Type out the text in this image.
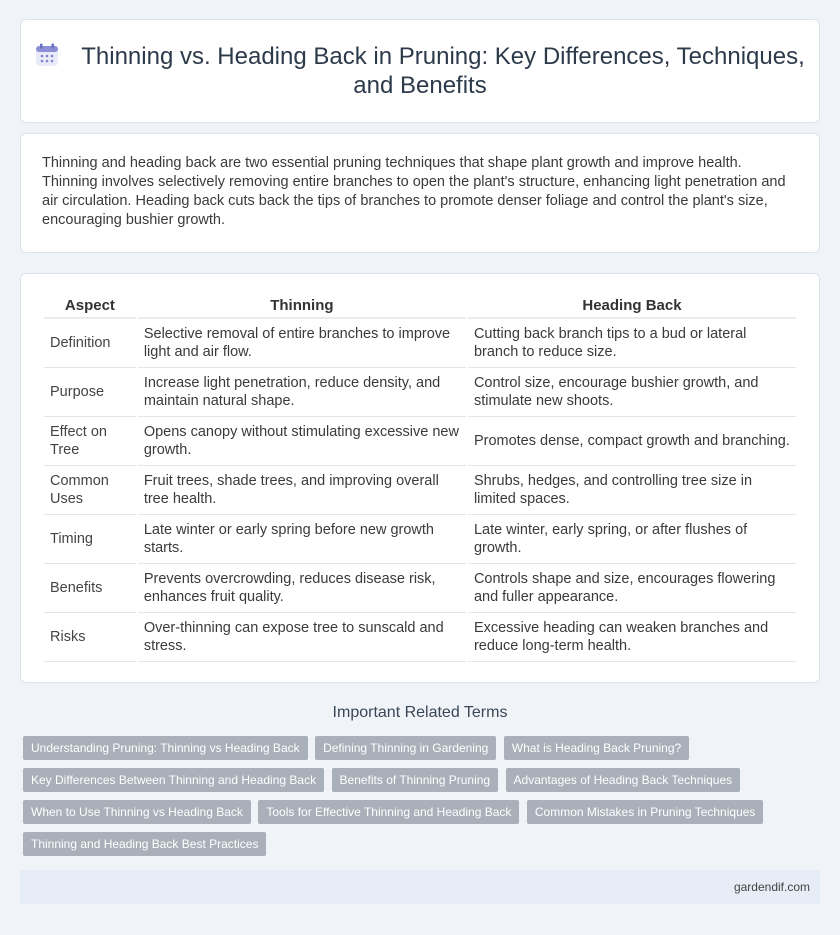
Thinning vs. Heading Back in Pruning: Key Differences, Techniques, and Benefits

Thinning and heading back are two essential pruning techniques that shape plant growth and improve health. Thinning involves selectively removing entire branches to open the plant's structure, enhancing light penetration and air circulation. Heading back cuts back the tips of branches to promote denser foliage and control the plant's size, encouraging bushier growth.

Aspect	Thinning	Heading Back
Definition	Selective removal of entire branches to improve light and air flow.	Cutting back branch tips to a bud or lateral branch to reduce size.
Purpose	Increase light penetration, reduce density, and maintain natural shape.	Control size, encourage bushier growth, and stimulate new shoots.
Effect on Tree	Opens canopy without stimulating excessive new growth.	Promotes dense, compact growth and branching.
Common Uses	Fruit trees, shade trees, and improving overall tree health.	Shrubs, hedges, and controlling tree size in limited spaces.
Timing	Late winter or early spring before new growth starts.	Late winter, early spring, or after flushes of growth.
Benefits	Prevents overcrowding, reduces disease risk, enhances fruit quality.	Controls shape and size, encourages flowering and fuller appearance.
Risks	Over-thinning can expose tree to sunscald and stress.	Excessive heading can weaken branches and reduce long-term health.
Important Related Terms
Understanding Pruning: Thinning vs Heading Back Defining Thinning in Gardening What is Heading Back Pruning?
Key Differences Between Thinning and Heading Back Benefits of Thinning Pruning Advantages of Heading Back Techniques
When to Use Thinning vs Heading Back Tools for Effective Thinning and Heading Back Common Mistakes in Pruning Techniques
Thinning and Heading Back Best Practices
gardendif.com
